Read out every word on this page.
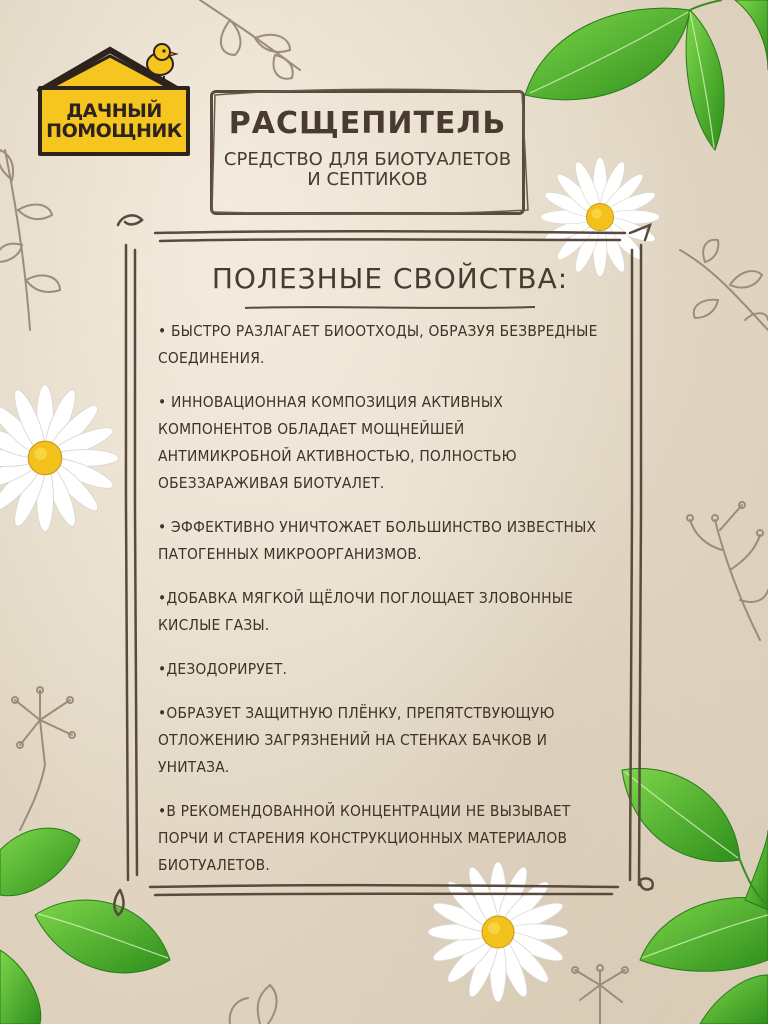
ДАЧНЫЙ
ПОМОЩНИК	РАСЩЕПИТЕЛЬ
СРЕДСТВО ДЛЯ БИОТУАЛЕТОВ
И СЕПТИКОВ
ПОЛЕЗНЫЕ СВОЙСТВА:
• БЫСТРО РАЗЛАГАЕТ БИООТХОДЫ, ОБРАЗУЯ БЕЗВРЕДНЫЕ СОЕДИНЕНИЯ.
• ИННОВАЦИОННАЯ КОМПОЗИЦИЯ АКТИВНЫХ КОМПОНЕНТОВ ОБЛАДАЕТ МОЩНЕЙШЕЙ АНТИМИКРОБНОЙ АКТИВНОСТЬЮ, ПОЛНОСТЬЮ ОБЕЗЗАРАЖИВАЯ БИОТУАЛЕТ.
• ЭФФЕКТИВНО УНИЧТОЖАЕТ БОЛЬШИНСТВО ИЗВЕСТНЫХ ПАТОГЕННЫХ МИКРООРГАНИЗМОВ.
•ДОБАВКА МЯГКОЙ ЩЁЛОЧИ ПОГЛОЩАЕТ ЗЛОВОННЫЕ КИСЛЫЕ ГАЗЫ.
•ДЕЗОДОРИРУЕТ.
•ОБРАЗУЕТ ЗАЩИТНУЮ ПЛЁНКУ, ПРЕПЯТСТВУЮЩУЮ ОТЛОЖЕНИЮ ЗАГРЯЗНЕНИЙ НА СТЕНКАХ БАЧКОВ И УНИТАЗА.
•В РЕКОМЕНДОВАННОЙ КОНЦЕНТРАЦИИ НЕ ВЫЗЫВАЕТ ПОРЧИ И СТАРЕНИЯ КОНСТРУКЦИОННЫХ МАТЕРИАЛОВ БИОТУАЛЕТОВ.
